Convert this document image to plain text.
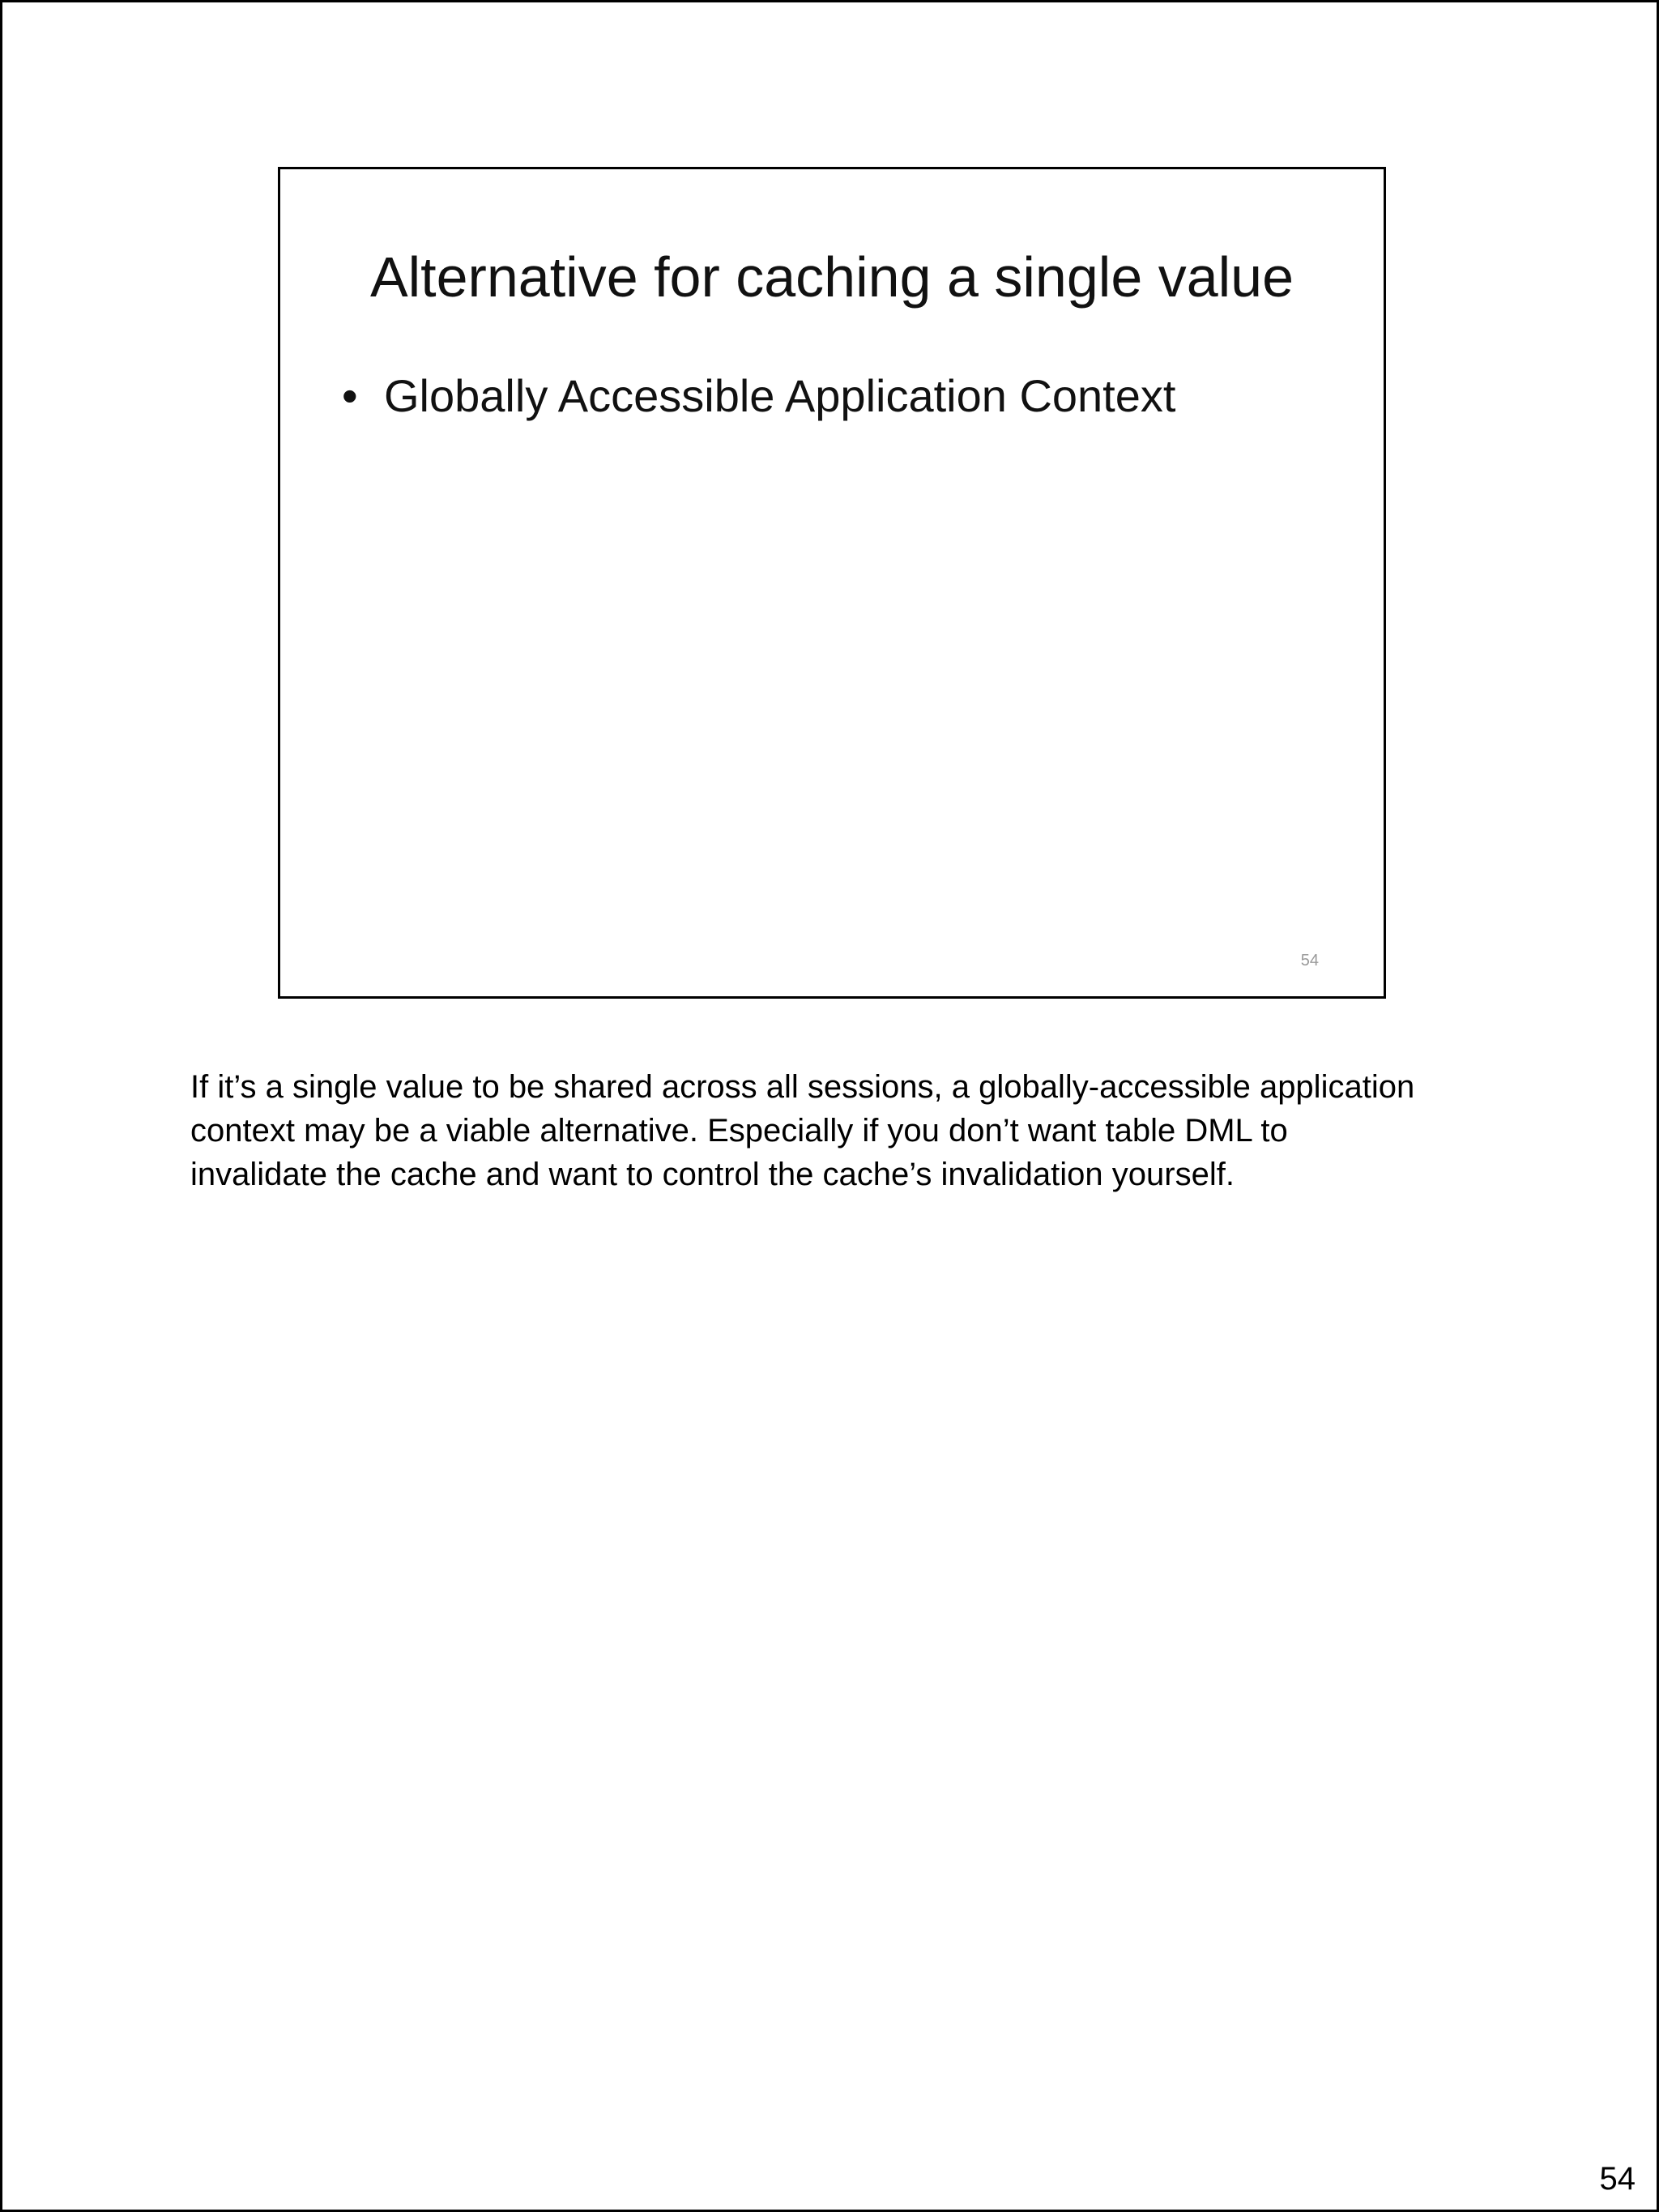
Alternative for caching a single value
• Globally Accessible Application Context
54

If it’s a single value to be shared across all sessions, a globally-accessible application

context may be a viable alternative. Especially if you don’t want table DML to

invalidate the cache and want to control the cache’s invalidation yourself.

54
